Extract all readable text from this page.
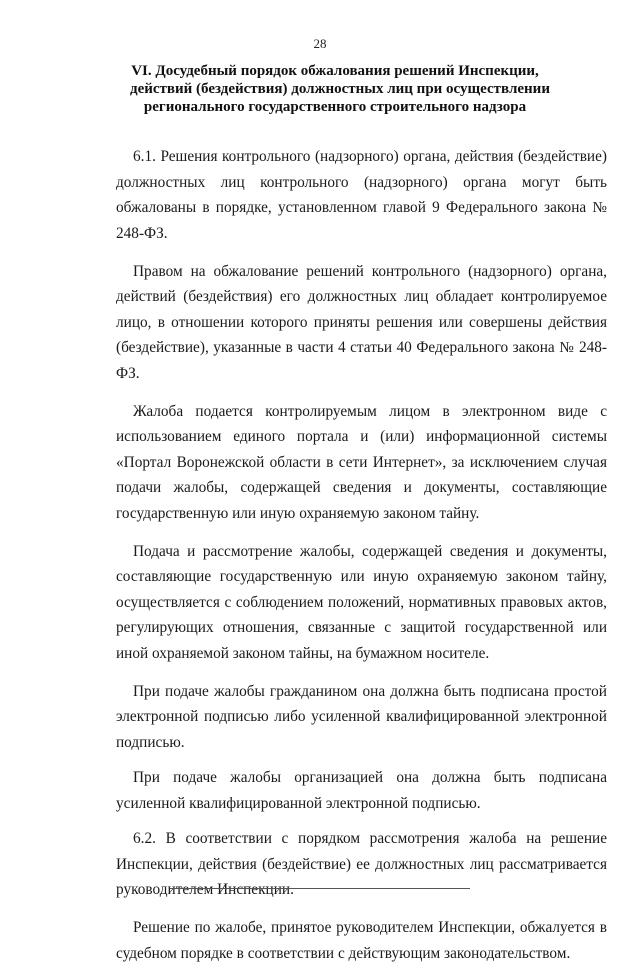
28
VI. Досудебный порядок обжалования решений Инспекции,
действий (бездействия) должностных лиц при осуществлении
регионального государственного строительного надзора

6.1. Решения контрольного (надзорного) органа, действия (бездействие) должностных лиц контрольного (надзорного) органа могут быть обжалованы в порядке, установленном главой 9 Федерального закона № 248-ФЗ.

Правом на обжалование решений контрольного (надзорного) органа, действий (бездействия) его должностных лиц обладает контролируемое лицо, в отношении которого приняты решения или совершены действия (бездействие), указанные в части 4 статьи 40 Федерального закона № 248-ФЗ.

Жалоба подается контролируемым лицом в электронном виде с использованием единого портала и (или) информационной системы «Портал Воронежской области в сети Интернет», за исключением случая подачи жалобы, содержащей сведения и документы, составляющие государственную или иную охраняемую законом тайну.

Подача и рассмотрение жалобы, содержащей сведения и документы, составляющие государственную или иную охраняемую законом тайну, осуществляется с соблюдением положений, нормативных правовых актов, регулирующих отношения, связанные с защитой государственной или иной охраняемой законом тайны, на бумажном носителе.

При подаче жалобы гражданином она должна быть подписана простой электронной подписью либо усиленной квалифицированной электронной подписью.

При подаче жалобы организацией она должна быть подписана усиленной квалифицированной электронной подписью.

6.2. В соответствии с порядком рассмотрения жалоба на решение Инспекции, действия (бездействие) ее должностных лиц рассматривается руководителем Инспекции.

Решение по жалобе, принятое руководителем Инспекции, обжалуется в судебном порядке в соответствии с действующим законодательством.
